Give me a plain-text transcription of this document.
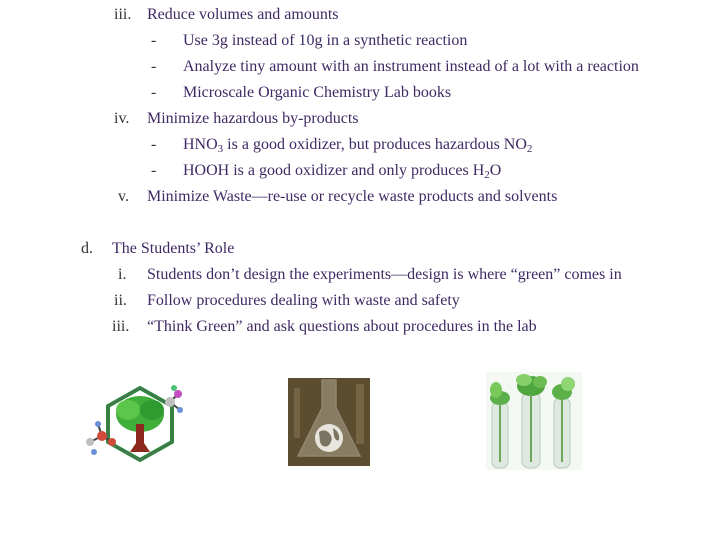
iii. Reduce volumes and amounts
- Use 3g instead of 10g in a synthetic reaction
- Analyze tiny amount with an instrument instead of a lot with a reaction
- Microscale Organic Chemistry Lab books
iv. Minimize hazardous by-products
- $HNO_3$ is a good oxidizer, but produces hazardous $NO_2$
- HOOH is a good oxidizer and only produces $H_2O$
v. Minimize Waste—re-use or recycle waste products and solvents
d. The Students’ Role
i. Students don’t design the experiments—design is where “green” comes in
ii. Follow procedures dealing with waste and safety
iii. “Think Green” and ask questions about procedures in the lab
